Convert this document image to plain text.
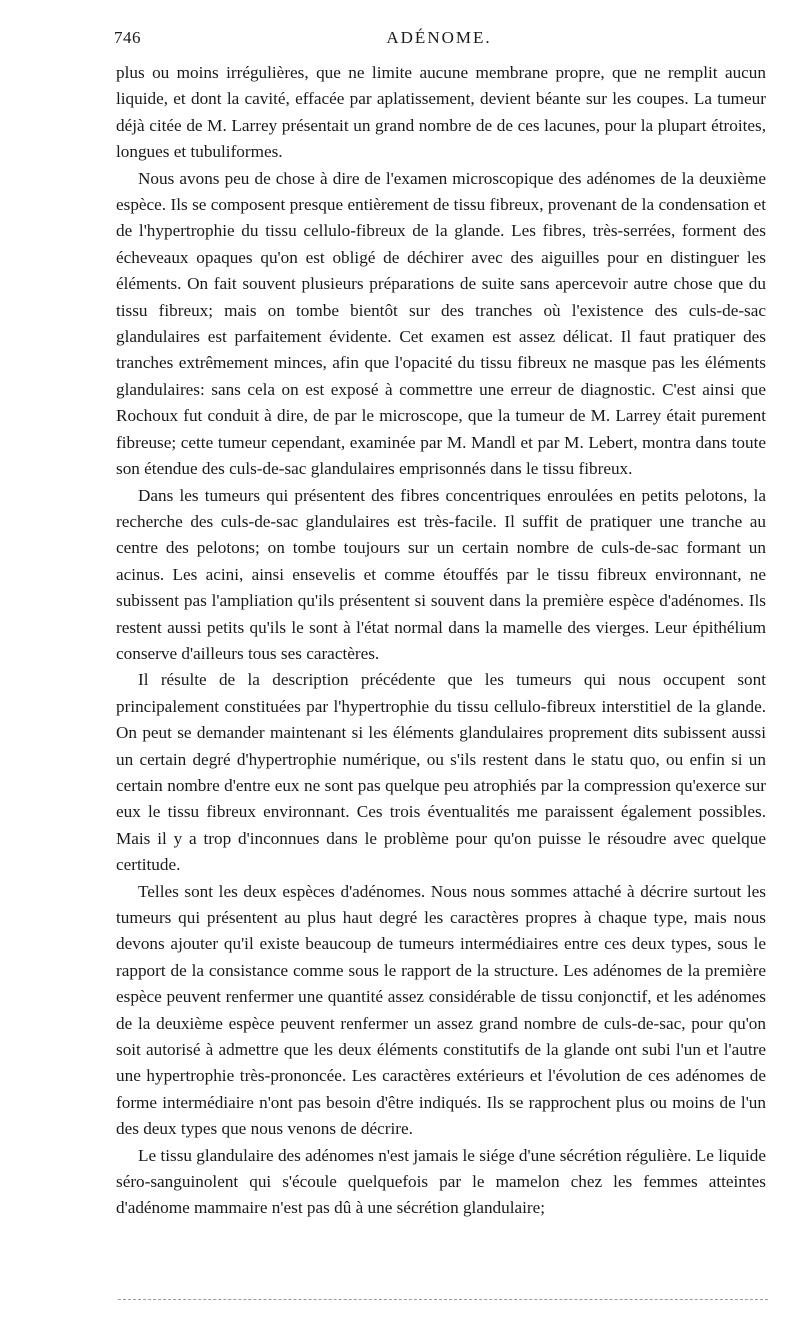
746	ADÉNOME.

plus ou moins irrégulières, que ne limite aucune membrane propre, que ne remplit aucun liquide, et dont la cavité, effacée par aplatissement, devient béante sur les coupes. La tumeur déjà citée de M. Larrey présentait un grand nombre de de ces lacunes, pour la plupart étroites, longues et tubuliformes.

Nous avons peu de chose à dire de l'examen microscopique des adénomes de la deuxième espèce. Ils se composent presque entièrement de tissu fibreux, provenant de la condensation et de l'hypertrophie du tissu cellulo-fibreux de la glande. Les fibres, très-serrées, forment des écheveaux opaques qu'on est obligé de déchirer avec des aiguilles pour en distinguer les éléments. On fait souvent plusieurs préparations de suite sans apercevoir autre chose que du tissu fibreux; mais on tombe bientôt sur des tranches où l'existence des culs-de-sac glandulaires est parfaitement évidente. Cet examen est assez délicat. Il faut pratiquer des tranches extrêmement minces, afin que l'opacité du tissu fibreux ne masque pas les éléments glandulaires: sans cela on est exposé à commettre une erreur de diagnostic. C'est ainsi que Rochoux fut conduit à dire, de par le microscope, que la tumeur de M. Larrey était purement fibreuse; cette tumeur cependant, examinée par M. Mandl et par M. Lebert, montra dans toute son étendue des culs-de-sac glandulaires emprisonnés dans le tissu fibreux.

Dans les tumeurs qui présentent des fibres concentriques enroulées en petits pelotons, la recherche des culs-de-sac glandulaires est très-facile. Il suffit de pratiquer une tranche au centre des pelotons; on tombe toujours sur un certain nombre de culs-de-sac formant un acinus. Les acini, ainsi ensevelis et comme étouffés par le tissu fibreux environnant, ne subissent pas l'ampliation qu'ils présentent si souvent dans la première espèce d'adénomes. Ils restent aussi petits qu'ils le sont à l'état normal dans la mamelle des vierges. Leur épithélium conserve d'ailleurs tous ses caractères.

Il résulte de la description précédente que les tumeurs qui nous occupent sont principalement constituées par l'hypertrophie du tissu cellulo-fibreux interstitiel de la glande. On peut se demander maintenant si les éléments glandulaires proprement dits subissent aussi un certain degré d'hypertrophie numérique, ou s'ils restent dans le statu quo, ou enfin si un certain nombre d'entre eux ne sont pas quelque peu atrophiés par la compression qu'exerce sur eux le tissu fibreux environnant. Ces trois éventualités me paraissent également possibles. Mais il y a trop d'inconnues dans le problème pour qu'on puisse le résoudre avec quelque certitude.

Telles sont les deux espèces d'adénomes. Nous nous sommes attaché à décrire surtout les tumeurs qui présentent au plus haut degré les caractères propres à chaque type, mais nous devons ajouter qu'il existe beaucoup de tumeurs intermédiaires entre ces deux types, sous le rapport de la consistance comme sous le rapport de la structure. Les adénomes de la première espèce peuvent renfermer une quantité assez considérable de tissu conjonctif, et les adénomes de la deuxième espèce peuvent renfermer un assez grand nombre de culs-de-sac, pour qu'on soit autorisé à admettre que les deux éléments constitutifs de la glande ont subi l'un et l'autre une hypertrophie très-prononcée. Les caractères extérieurs et l'évolution de ces adénomes de forme intermédiaire n'ont pas besoin d'être indiqués. Ils se rapprochent plus ou moins de l'un des deux types que nous venons de décrire.

Le tissu glandulaire des adénomes n'est jamais le siége d'une sécrétion régulière. Le liquide séro-sanguinolent qui s'écoule quelquefois par le mamelon chez les femmes atteintes d'adénome mammaire n'est pas dû à une sécrétion glandulaire;
